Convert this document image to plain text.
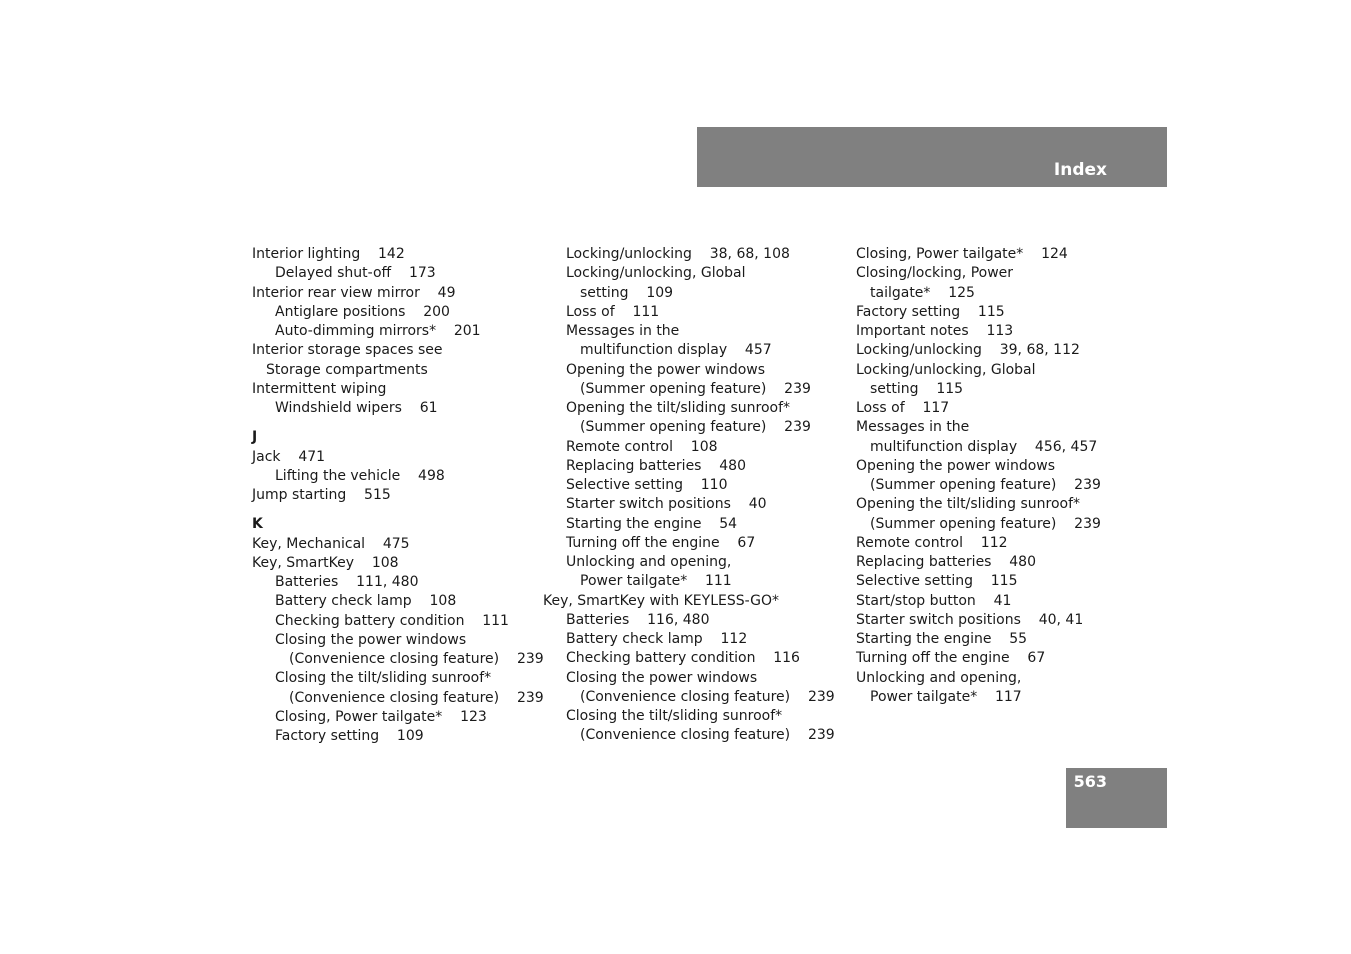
Index
Interior lighting    142
Delayed shut-off    173
Interior rear view mirror    49
Antiglare positions    200
Auto-dimming mirrors*    201
Interior storage spaces see
Storage compartments
Intermittent wiping
Windshield wipers    61
J
Jack    471
Lifting the vehicle    498
Jump starting    515
K
Key, Mechanical    475
Key, SmartKey    108
Batteries    111, 480
Battery check lamp    108
Checking battery condition    111
Closing the power windows
(Convenience closing feature)    239
Closing the tilt/sliding sunroof*
(Convenience closing feature)    239
Closing, Power tailgate*    123
Factory setting    109
Locking/unlocking    38, 68, 108
Locking/unlocking, Global
setting    109
Loss of    111
Messages in the
multifunction display    457
Opening the power windows
(Summer opening feature)    239
Opening the tilt/sliding sunroof*
(Summer opening feature)    239
Remote control    108
Replacing batteries    480
Selective setting    110
Starter switch positions    40
Starting the engine    54
Turning off the engine    67
Unlocking and opening,
Power tailgate*    111
Key, SmartKey with KEYLESS-GO*
Batteries    116, 480
Battery check lamp    112
Checking battery condition    116
Closing the power windows
(Convenience closing feature)    239
Closing the tilt/sliding sunroof*
(Convenience closing feature)    239
Closing, Power tailgate*    124
Closing/locking, Power
tailgate*    125
Factory setting    115
Important notes    113
Locking/unlocking    39, 68, 112
Locking/unlocking, Global
setting    115
Loss of    117
Messages in the
multifunction display    456, 457
Opening the power windows
(Summer opening feature)    239
Opening the tilt/sliding sunroof*
(Summer opening feature)    239
Remote control    112
Replacing batteries    480
Selective setting    115
Start/stop button    41
Starter switch positions    40, 41
Starting the engine    55
Turning off the engine    67
Unlocking and opening,
Power tailgate*    117
563
